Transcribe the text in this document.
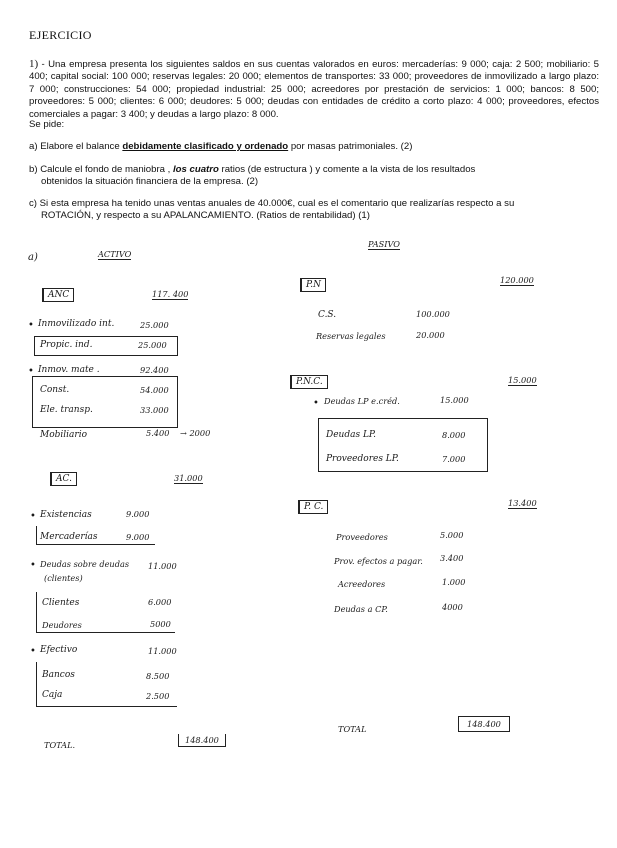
EJERCICIO
1) - Una empresa presenta los siguientes saldos en sus cuentas valorados en euros: mercaderías: 9 000; caja: 2 500; mobiliario: 5 400; capital social: 100 000; reservas legales: 20 000; elementos de transportes: 33 000; proveedores de inmovilizado a largo plazo: 7 000; construcciones: 54 000; propiedad industrial: 25 000; acreedores por prestación de servicios: 1 000; bancos: 8 500; proveedores: 5 000; clientes: 6 000; deudores: 5 000; deudas con entidades de crédito a corto plazo: 4 000; proveedores, efectos comerciales a pagar: 3 400; y deudas a largo plazo: 8 000.
Se pide:
a) Elabore el balance debidamente clasificado y ordenado por masas patrimoniales. (2)
b) Calcule el fondo de maniobra , los cuatro ratios (de estructura ) y comente a la vista de los resultados
obtenidos la situación financiera de la empresa. (2)
c) Si esta empresa ha tenido unas ventas anuales de 40.000€, cual es el comentario que realizarías respecto a su
ROTACIÓN, y respecto a su APALANCAMIENTO. (Ratios de rentabilidad) (1)
a)	ACTIVO
PASIVO
ANC	117. 400
• Inmovilizado int.	25.000
Propic. ind.	25.000
• Inmov. mate .	92.400
Const.	54.000
Ele. transp.	33.000
Mobiliario	5.400 → 2000
AC.	31.000
• Existencias	9.000
Mercaderías	9.000
• Deudas sobre deudas
(clientes)
11.000
Clientes	6.000
Deudores	5000
• Efectivo	11.000
Bancos	8.500
Caja	2.500
TOTAL.	148.400
P.N	120.000
C.S.	100.000
Reservas legales	20.000
P.N.C.	15.000
• Deudas LP e.créd.	15.000
Deudas LP.	8.000
Proveedores LP.	7.000
P. C.	13.400
Proveedores	5.000
Prov. efectos a pagar. 3.400
Acreedores	1.000
Deudas a CP.	4000
TOTAL	148.400
